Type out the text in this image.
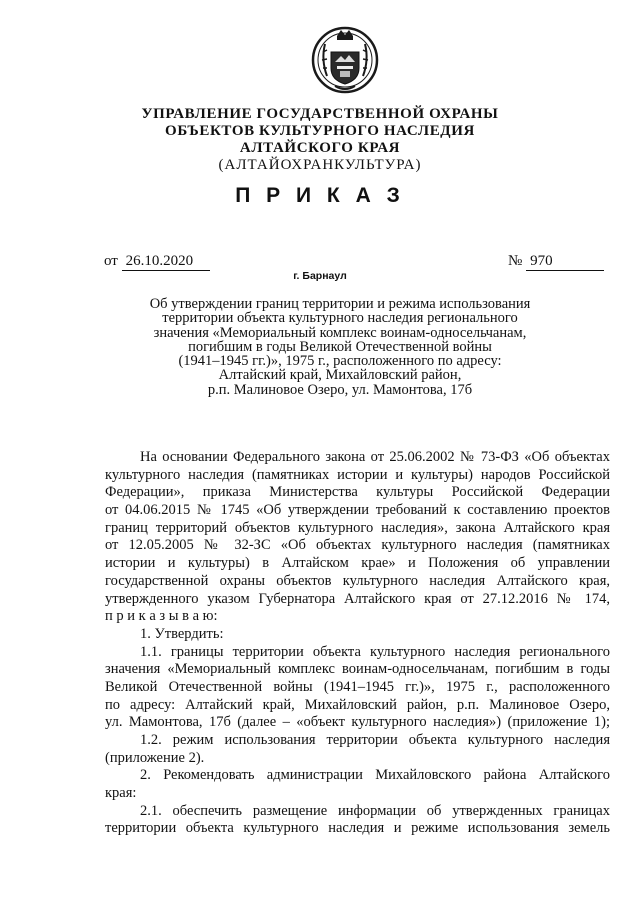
УПРАВЛЕНИЕ ГОСУДАРСТВЕННОЙ ОХРАНЫ
ОБЪЕКТОВ КУЛЬТУРНОГО НАСЛЕДИЯ
АЛТАЙСКОГО КРАЯ
(АЛТАЙОХРАНКУЛЬТУРА)
П Р И К А З
от 26.10.2020	№ 970
г. Барнаул
Об утверждении границ территории и режима использования
территории объекта культурного наследия регионального
значения «Мемориальный комплекс воинам-односельчанам,
погибшим в годы Великой Отечественной войны
(1941–1945 гг.)», 1975 г., расположенного по адресу:
Алтайский край, Михайловский район,
р.п. Малиновое Озеро, ул. Мамонтова, 17б
На основании Федерального закона от 25.06.2002 № 73-ФЗ «Об объектах
культурного наследия (памятниках истории и культуры) народов Российской
Федерации», приказа Министерства культуры Российской Федерации
от 04.06.2015 № 1745 «Об утверждении требований к составлению проектов
границ территорий объектов культурного наследия», закона Алтайского края
от 12.05.2005 № 32-ЗС «Об объектах культурного наследия (памятниках
истории и культуры) в Алтайском крае» и Положения об управлении
государственной охраны объектов культурного наследия Алтайского края,
утвержденного указом Губернатора Алтайского края от 27.12.2016 № 174,
п р и к а з ы в а ю:
1. Утвердить:
1.1. границы территории объекта культурного наследия регионального
значения «Мемориальный комплекс воинам-односельчанам, погибшим в годы
Великой Отечественной войны (1941–1945 гг.)», 1975 г., расположенного
по адресу: Алтайский край, Михайловский район, р.п. Малиновое Озеро,
ул. Мамонтова, 17б (далее – «объект культурного наследия») (приложение 1);
1.2. режим использования территории объекта культурного наследия
(приложение 2).
2. Рекомендовать администрации Михайловского района Алтайского
края:
2.1. обеспечить размещение информации об утвержденных границах
территории объекта культурного наследия и режиме использования земель
